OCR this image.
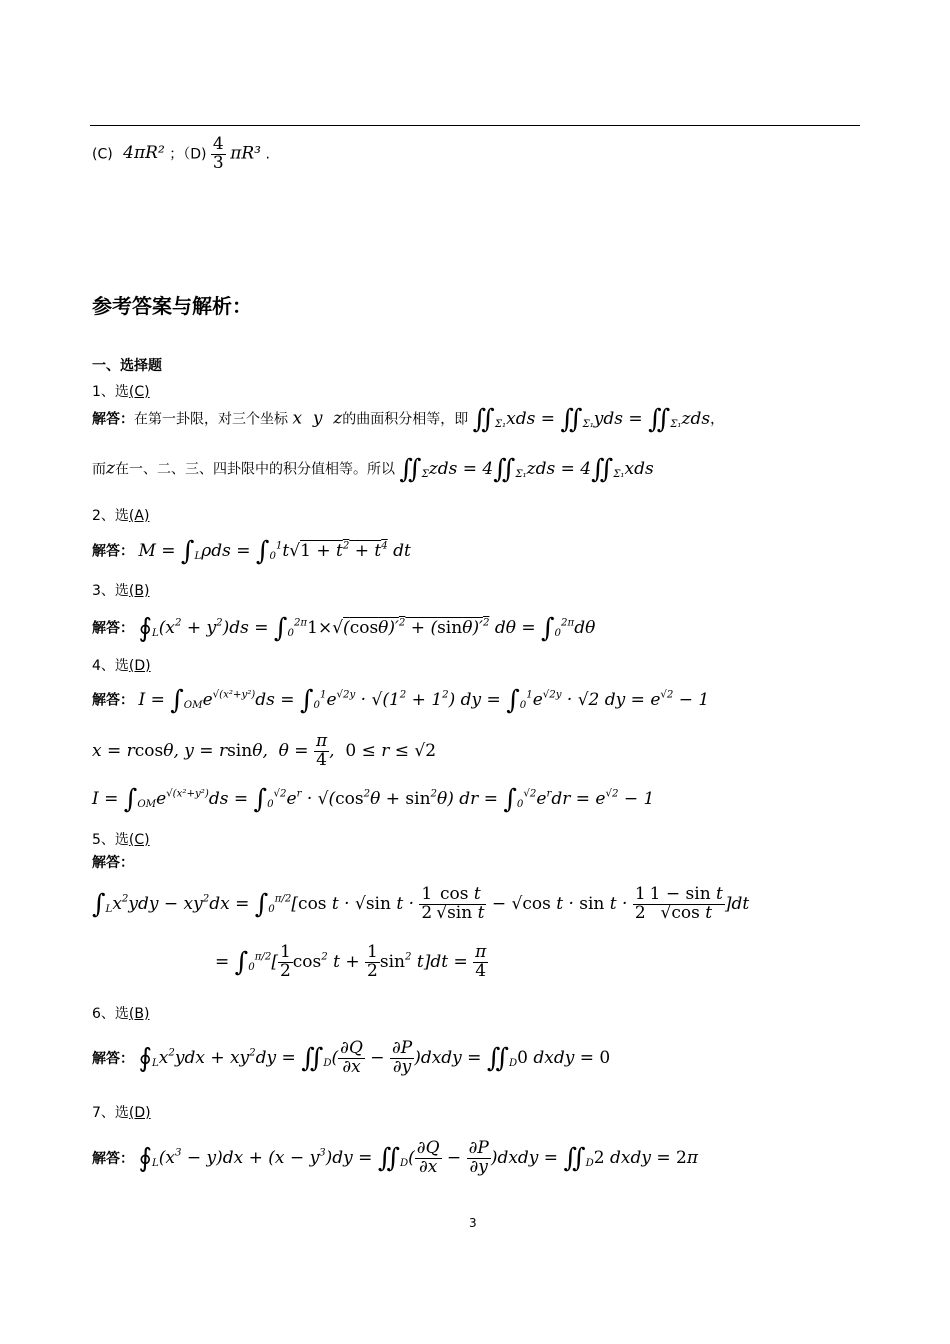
(C) 4πR² ；$(D) \frac{4}{3} \pi R^3$ .
参考答案与解析：
一、选择题
1、选(C)
解答：在第一卦限，对三个坐标 x  y  z的曲面积分相等，即 $∬_{\Sigma_1}xds$ = $∬_{\Sigma_1}yds$ = $∬_{\Sigma_1}zds$，
而z在一、二、三、四卦限中的积分值相等。所以 $∬_\Sigma zds$ = $4∬_{\Sigma_1}zds$ = $4∬_{\Sigma_1}xds$
2、选(A)
解答： $M = \int_L\rho ds = \int_0^1t√1 + t^2 + t^4$ dt
3、选(B)
解答： $∮_L(x^2 + y^2)ds = \int_0^{2\pi}1\times√(\cos\theta)'^2 + (\sin\theta)'^2$ $d\theta = \int_0^{2\pi}d\theta$
4、选(D)
解答： $I = \int_{OM}e^{√(x^2+y^2)}ds = \int_0^1e^{√2y} \cdot √(1^2 + 1^2)$ dy = $\int_0^1e^{√2y} \cdot √2$ dy = $e^{√2} - 1$
x = rcosθ, y = rsinθ,  $\theta = \frac{\pi}{4}$ ,  0 ≤ r ≤ √2
$I = \int_{OM}e^{√(x^2+y^2)}ds = \int_0^{√2}e^r \cdot √(\cos^2\theta + \sin^2\theta)$ dr = $\int_0^{√2}e^rdr = e^{√2} - 1$
5、选(C)
解答：
$\int_Lx^2ydy - xy^2dx = \int_0^{\pi/2}[\cos$ t · √sin $t \cdot \frac{1}{2} \frac{\text{cos t}}{\text{√sin t}} - √\cos$ $t \cdot \sin t \cdot \frac{1}{2} \frac{\text{1 − sin t}}{\text{√cos t}} ]dt$
= $\int_0^{\pi/2}[ \frac{1}{2} \cos^2 t + \frac{1}{2} \sin^2 t]dt = \frac{\pi}{4}$
6、选(B)
解答： $∮_Lx^2ydx + xy^2dy$ = $∬_D( \frac{\partial Q}{\partial x} - \frac{\partial P}{\partial y}$ )dxdy = $∬_D0$ dxdy = 0
7、选(D)
解答： $∮_L(x^3 - y)dx + (x - y^3)dy$ = $∬_D( \frac{\partial Q}{\partial x} - \frac{\partial P}{\partial y}$ )dxdy = $∬_D2$ dxdy = 2π
3
